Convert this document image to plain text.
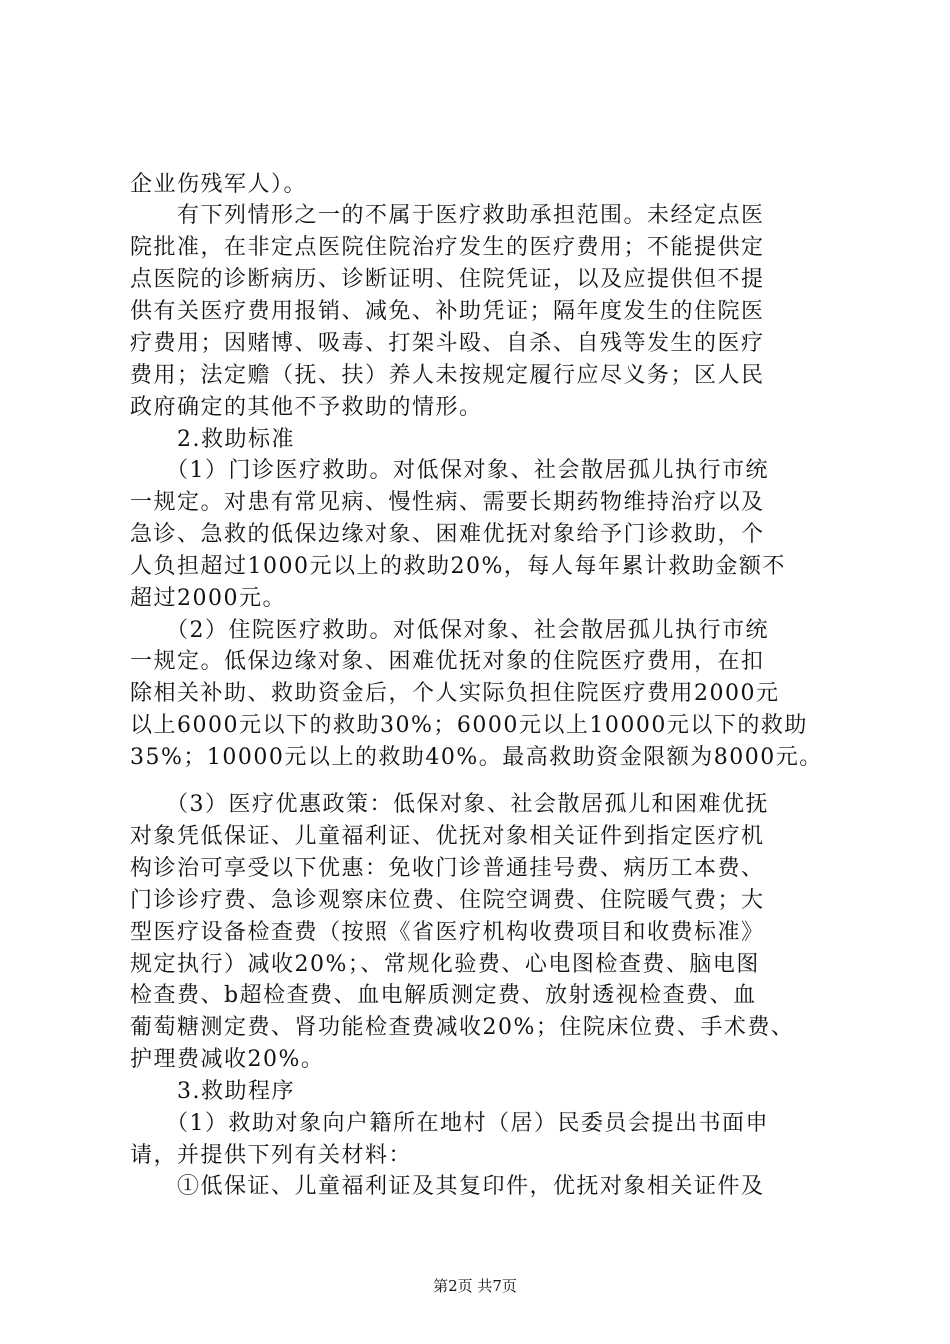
企业伤残军人）。
　　有下列情形之一的不属于医疗救助承担范围。未经定点医
院批准，在非定点医院住院治疗发生的医疗费用；不能提供定
点医院的诊断病历、诊断证明、住院凭证，以及应提供但不提
供有关医疗费用报销、减免、补助凭证；隔年度发生的住院医
疗费用；因赌博、吸毒、打架斗殴、自杀、自残等发生的医疗
费用；法定赡（抚、扶）养人未按规定履行应尽义务；区人民
政府确定的其他不予救助的情形。
　　2.救助标准
　　（1）门诊医疗救助。对低保对象、社会散居孤儿执行市统
一规定。对患有常见病、慢性病、需要长期药物维持治疗以及
急诊、急救的低保边缘对象、困难优抚对象给予门诊救助，个
人负担超过1000元以上的救助20%，每人每年累计救助金额不
超过2000元。
　　（2）住院医疗救助。对低保对象、社会散居孤儿执行市统
一规定。低保边缘对象、困难优抚对象的住院医疗费用，在扣
除相关补助、救助资金后，个人实际负担住院医疗费用2000元
以上6000元以下的救助30%；6000元以上10000元以下的救助
35%；10000元以上的救助40%。最高救助资金限额为8000元。
　　（3）医疗优惠政策：低保对象、社会散居孤儿和困难优抚
对象凭低保证、儿童福利证、优抚对象相关证件到指定医疗机
构诊治可享受以下优惠：免收门诊普通挂号费、病历工本费、
门诊诊疗费、急诊观察床位费、住院空调费、住院暖气费；大
型医疗设备检查费（按照《省医疗机构收费项目和收费标准》
规定执行）减收20%；、常规化验费、心电图检查费、脑电图
检查费、b超检查费、血电解质测定费、放射透视检查费、血
葡萄糖测定费、肾功能检查费减收20%；住院床位费、手术费、
护理费减收20%。
　　3.救助程序
　　（1）救助对象向户籍所在地村（居）民委员会提出书面申
请，并提供下列有关材料：
　　①低保证、儿童福利证及其复印件，优抚对象相关证件及
第2页 共7页
